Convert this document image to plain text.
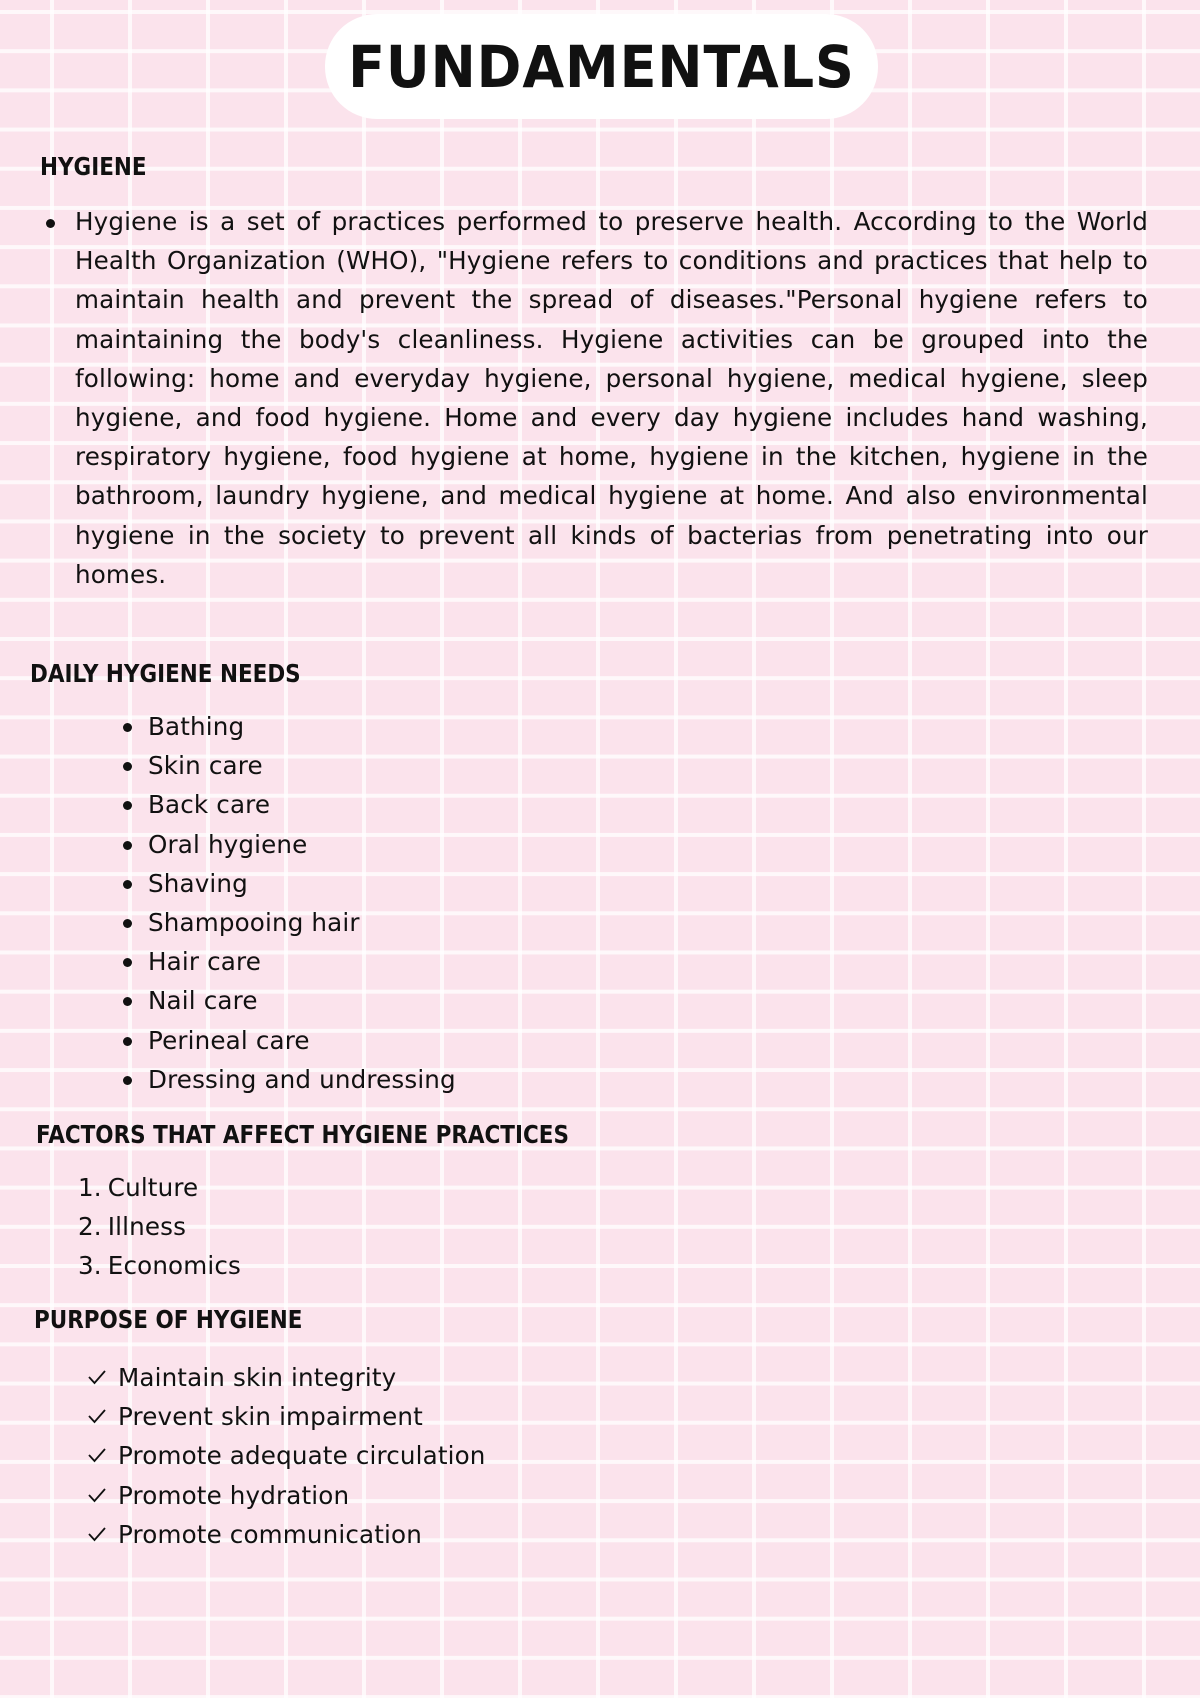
FUNDAMENTALS
HYGIENE

Hygiene is a set of practices performed to preserve health. According to the World Health Organization (WHO), "Hygiene refers to conditions and practices that help to maintain health and prevent the spread of diseases."Personal hygiene refers to maintaining the body's cleanliness. Hygiene activities can be grouped into the following: home and everyday hygiene, personal hygiene, medical hygiene, sleep hygiene, and food hygiene. Home and every day hygiene includes hand washing, respiratory hygiene, food hygiene at home, hygiene in the kitchen, hygiene in the bathroom, laundry hygiene, and medical hygiene at home. And also environmental hygiene in the society to prevent all kinds of bacterias from penetrating into our homes.

DAILY HYGIENE NEEDS
Bathing
Skin care
Back care
Oral hygiene
Shaving
Shampooing hair
Hair care
Nail care
Perineal care
Dressing and undressing
FACTORS THAT AFFECT HYGIENE PRACTICES
1. Culture
2. Illness
3. Economics
PURPOSE OF HYGIENE
Maintain skin integrity
Prevent skin impairment
Promote adequate circulation
Promote hydration
Promote communication
